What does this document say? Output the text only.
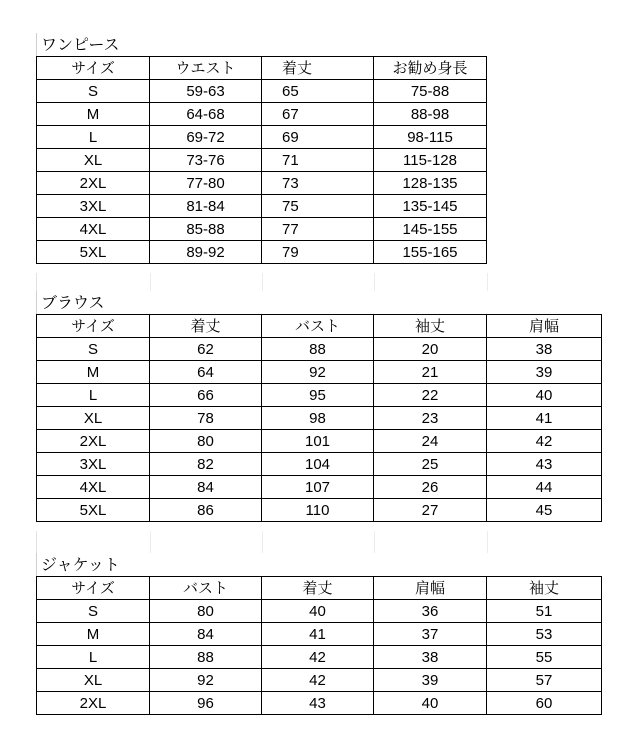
ワンピース
サイズ	ウエスト	着丈	お勧め身長
S	59-63	65	75-88
M	64-68	67	88-98
L	69-72	69	98-115
XL	73-76	71	115-128
2XL	77-80	73	128-135
3XL	81-84	75	135-145
4XL	85-88	77	145-155
5XL	89-92	79	155-165
ブラウス
サイズ	着丈	バスト	袖丈	肩幅
S	62	88	20	38
M	64	92	21	39
L	66	95	22	40
XL	78	98	23	41
2XL	80	101	24	42
3XL	82	104	25	43
4XL	84	107	26	44
5XL	86	110	27	45
ジャケット
サイズ	バスト	着丈	肩幅	袖丈
S	80	40	36	51
M	84	41	37	53
L	88	42	38	55
XL	92	42	39	57
2XL	96	43	40	60
